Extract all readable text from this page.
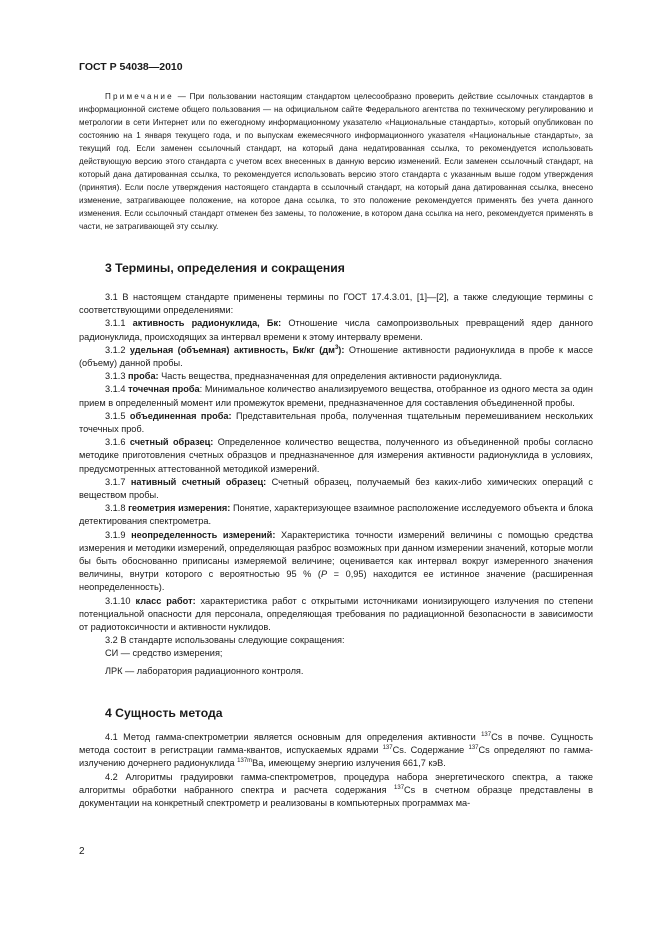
ГОСТ Р 54038—2010
Примечание — При пользовании настоящим стандартом целесообразно проверить действие ссылочных стандартов в информационной системе общего пользования — на официальном сайте Федерального агентства по техническому регулированию и метрологии в сети Интернет или по ежегодному информационному указателю «Национальные стандарты», который опубликован по состоянию на 1 января текущего года, и по выпускам ежемесячного информационного указателя «Национальные стандарты», за текущий год. Если заменен ссылочный стандарт, на который дана недатированная ссылка, то рекомендуется использовать действующую версию этого стандарта с учетом всех внесенных в данную версию изменений. Если заменен ссылочный стандарт, на который дана датированная ссылка, то рекомендуется использовать версию этого стандарта с указанным выше годом утверждения (принятия). Если после утверждения настоящего стандарта в ссылочный стандарт, на который дана датированная ссылка, внесено изменение, затрагивающее положение, на которое дана ссылка, то это положение рекомендуется применять без учета данного изменения. Если ссылочный стандарт отменен без замены, то положение, в котором дана ссылка на него, рекомендуется применять в части, не затрагивающей эту ссылку.
3 Термины, определения и сокращения

3.1 В настоящем стандарте применены термины по ГОСТ 17.4.3.01, [1]—[2], а также следующие термины с соответствующими определениями:

3.1.1 активность радионуклида, Бк: Отношение числа самопроизвольных превращений ядер данного радионуклида, происходящих за интервал времени к этому интервалу времени.

3.1.2 удельная (объемная) активность, Бк/кг $(дм^3)$: Отношение активности радионуклида в пробе к массе (объему) данной пробы.

3.1.3 проба: Часть вещества, предназначенная для определения активности радионуклида.

3.1.4 точечная проба: Минимальное количество анализируемого вещества, отобранное из одного места за один прием в определенный момент или промежуток времени, предназначенное для составления объединенной пробы.

3.1.5 объединенная проба: Представительная проба, полученная тщательным перемешиванием нескольких точечных проб.

3.1.6 счетный образец: Определенное количество вещества, полученного из объединенной пробы согласно методике приготовления счетных образцов и предназначенное для измерения активности радионуклида в условиях, предусмотренных аттестованной методикой измерений.

3.1.7 нативный счетный образец: Счетный образец, получаемый без каких-либо химических операций с веществом пробы.

3.1.8 геометрия измерения: Понятие, характеризующее взаимное расположение исследуемого объекта и блока детектирования спектрометра.

3.1.9 неопределенность измерений: Характеристика точности измерений величины с помощью средства измерения и методики измерений, определяющая разброс возможных при данном измерении значений, которые могли бы быть обоснованно приписаны измеряемой величине; оценивается как интервал вокруг измеренного значения величины, внутри которого с вероятностью 95 % (Р = 0,95) находится ее истинное значение (расширенная неопределенность).

3.1.10 класс работ: характеристика работ с открытыми источниками ионизирующего излучения по степени потенциальной опасности для персонала, определяющая требования по радиационной безопасности в зависимости от радиотоксичности и активности нуклидов.

3.2 В стандарте использованы следующие сокращения:

СИ — средство измерения;

ЛРК — лаборатория радиационного контроля.

4 Сущность метода

4.1 Метод гамма-спектрометрии является основным для определения активности $^{137}$Cs в почве. Сущность метода состоит в регистрации гамма-квантов, испускаемых ядрами $^{137}$Cs. Содержание $^{137}$Cs определяют по гамма-излучению дочернего радионуклида $^{137m}$Ba, имеющему энергию излучения 661,7 кэВ.

4.2 Алгоритмы градуировки гамма-спектрометров, процедура набора энергетического спектра, а также алгоритмы обработки набранного спектра и расчета содержания $^{137}$Cs в счетном образце представлены в документации на конкретный спектрометр и реализованы в компьютерных программах ма-

2
